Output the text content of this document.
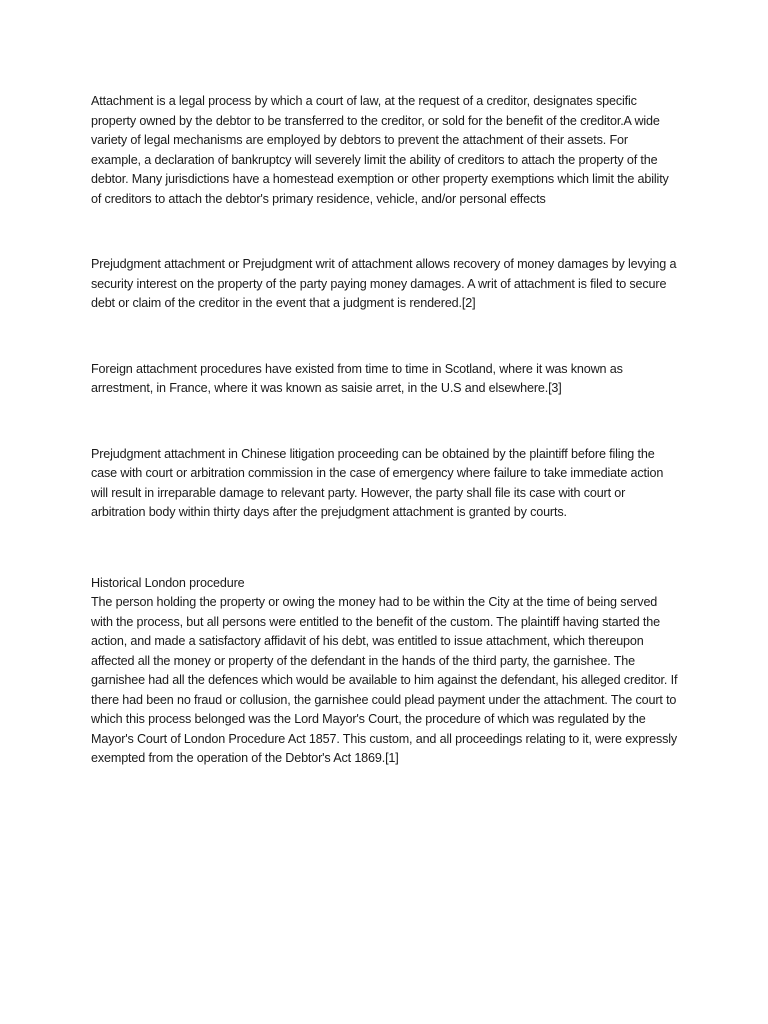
Attachment is a legal process by which a court of law, at the request of a creditor, designates specific property owned by the debtor to be transferred to the creditor, or sold for the benefit of the creditor.A wide variety of legal mechanisms are employed by debtors to prevent the attachment of their assets. For example, a declaration of bankruptcy will severely limit the ability of creditors to attach the property of the debtor. Many jurisdictions have a homestead exemption or other property exemptions which limit the ability of creditors to attach the debtor's primary residence, vehicle, and/or personal effects

Prejudgment attachment or Prejudgment writ of attachment allows recovery of money damages by levying a security interest on the property of the party paying money damages. A writ of attachment is filed to secure debt or claim of the creditor in the event that a judgment is rendered.[2]

Foreign attachment procedures have existed from time to time in Scotland, where it was known as arrestment, in France, where it was known as saisie arret, in the U.S and elsewhere.[3]

Prejudgment attachment in Chinese litigation proceeding can be obtained by the plaintiff before filing the case with court or arbitration commission in the case of emergency where failure to take immediate action will result in irreparable damage to relevant party. However, the party shall file its case with court or arbitration body within thirty days after the prejudgment attachment is granted by courts.

Historical London procedure

The person holding the property or owing the money had to be within the City at the time of being served with the process, but all persons were entitled to the benefit of the custom. The plaintiff having started the action, and made a satisfactory affidavit of his debt, was entitled to issue attachment, which thereupon affected all the money or property of the defendant in the hands of the third party, the garnishee. The garnishee had all the defences which would be available to him against the defendant, his alleged creditor. If there had been no fraud or collusion, the garnishee could plead payment under the attachment. The court to which this process belonged was the Lord Mayor's Court, the procedure of which was regulated by the Mayor's Court of London Procedure Act 1857. This custom, and all proceedings relating to it, were expressly exempted from the operation of the Debtor's Act 1869.[1]
